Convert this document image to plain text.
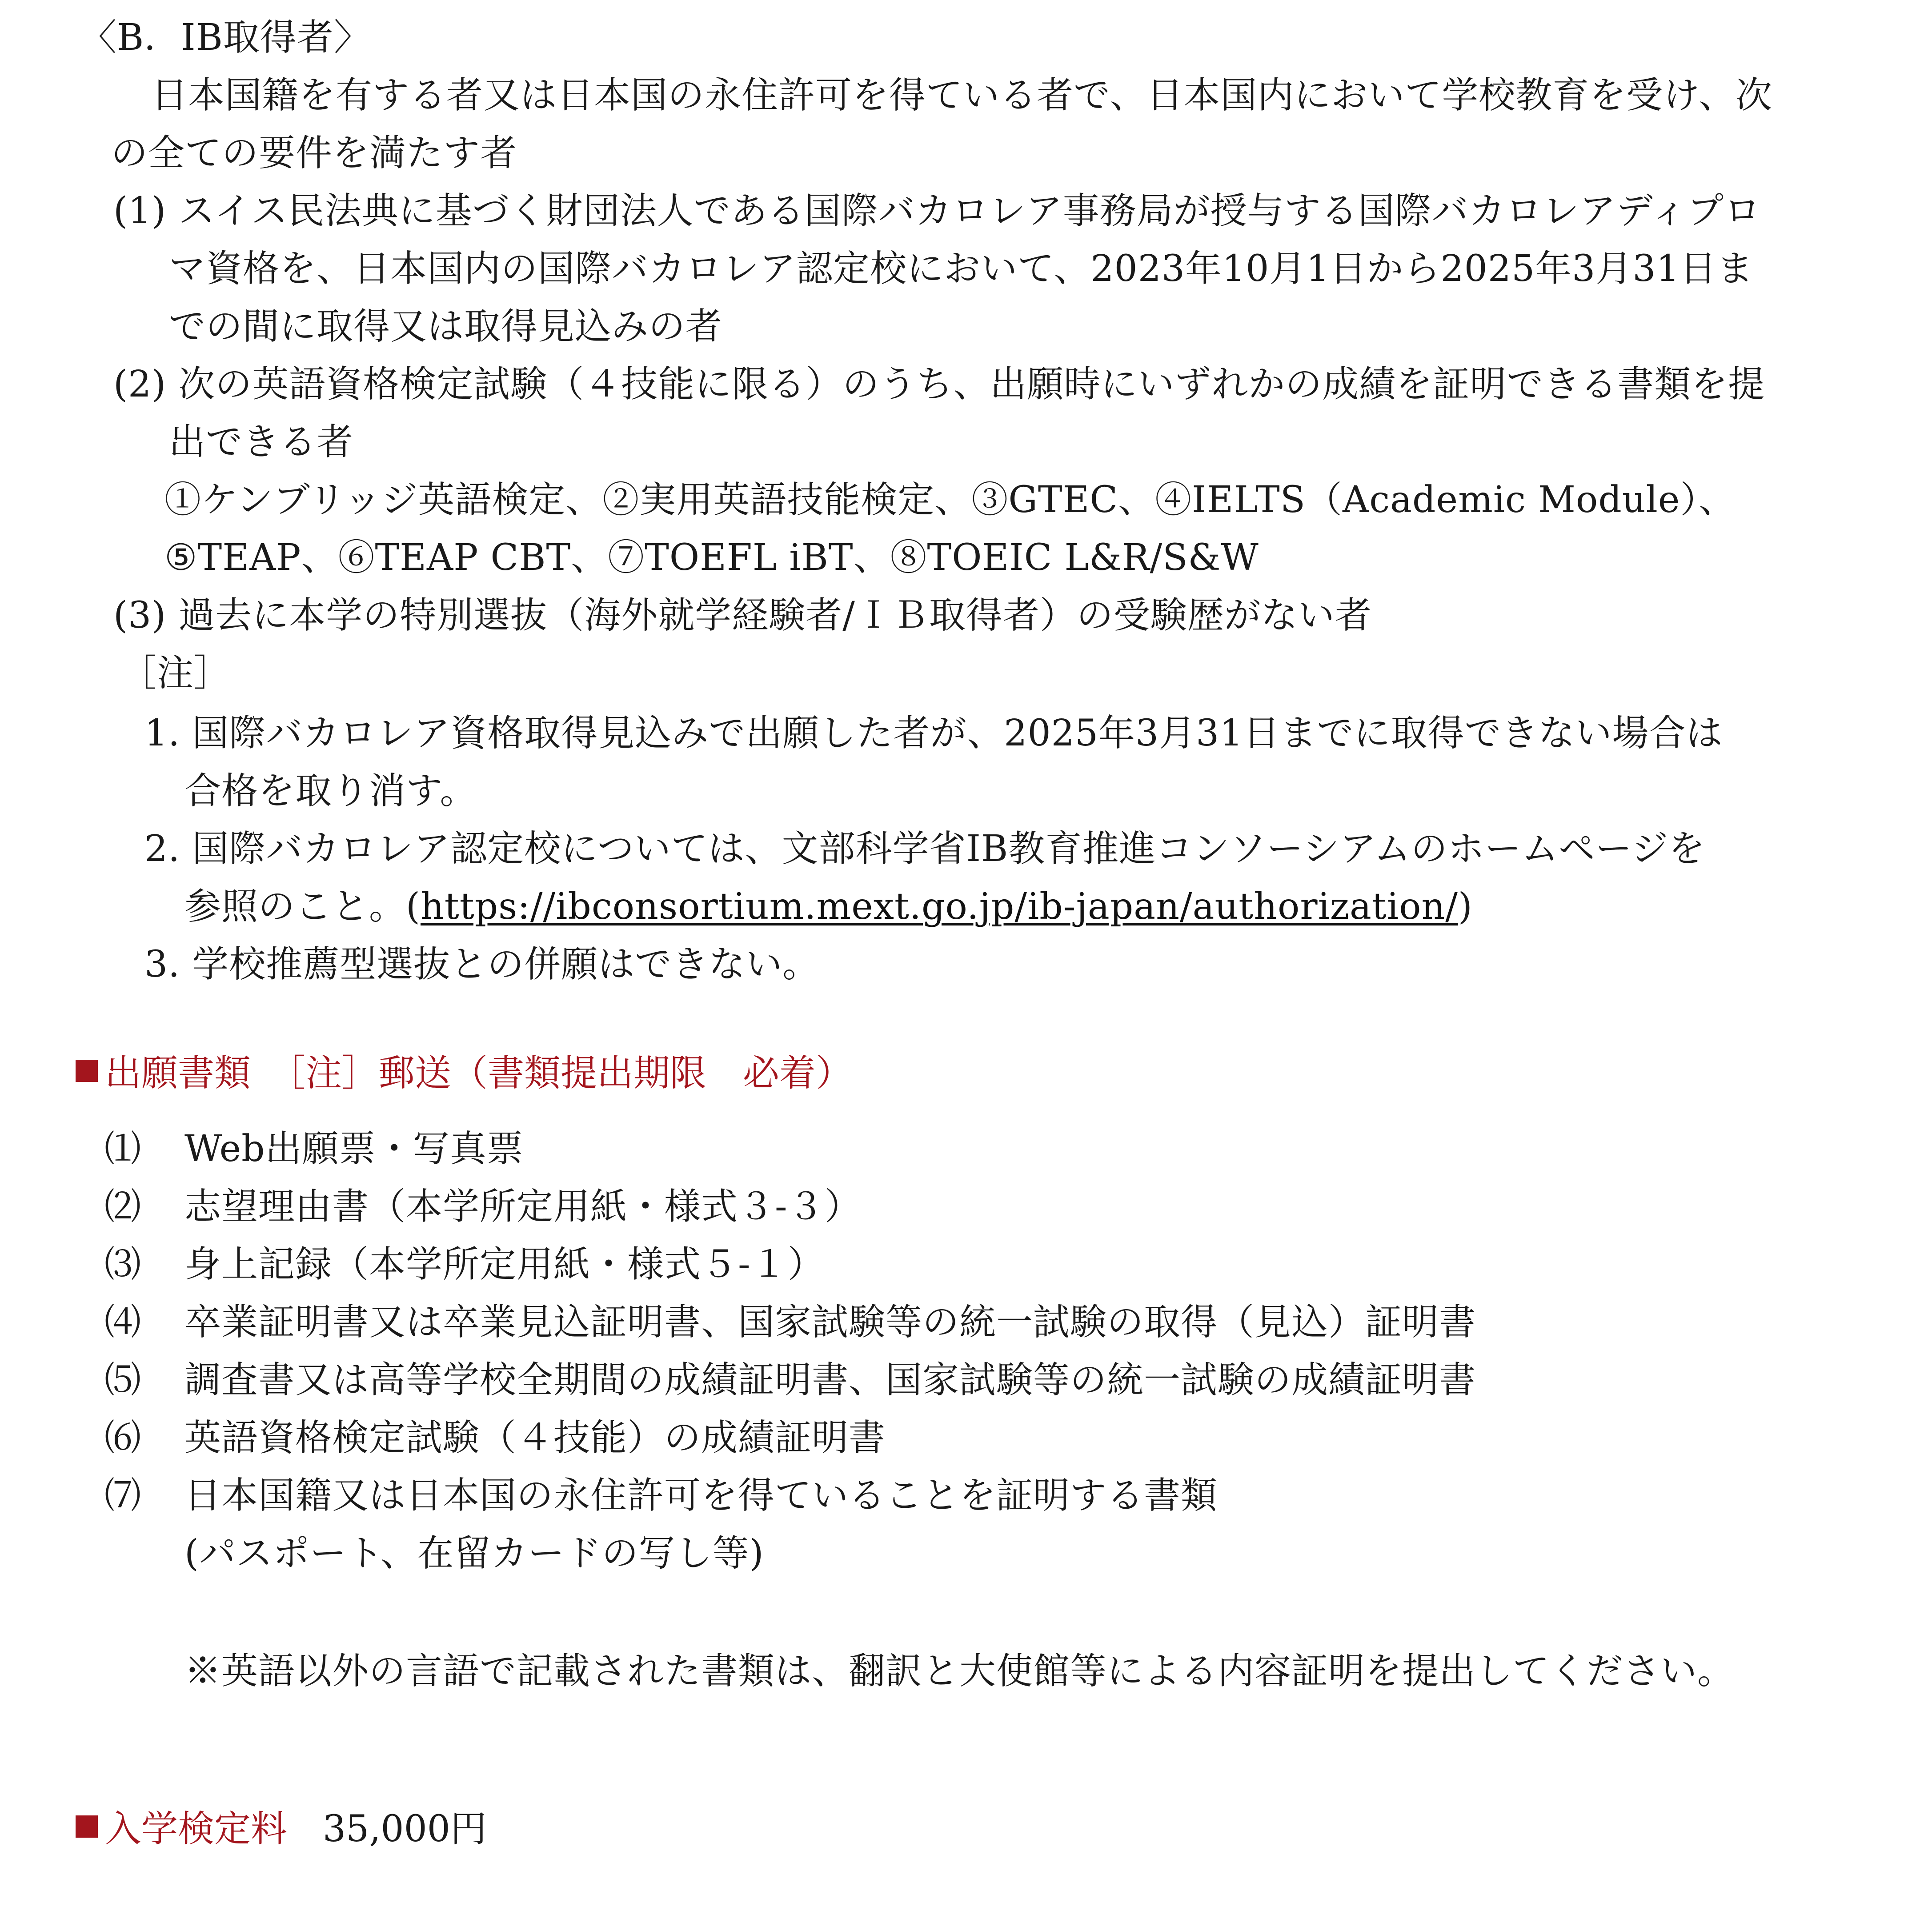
〈B．IB取得者〉
日本国籍を有する者又は日本国の永住許可を得ている者で、日本国内において学校教育を受け、次
の全ての要件を満たす者
(1) スイス民法典に基づく財団法人である国際バカロレア事務局が授与する国際バカロレアディプロ
マ資格を、日本国内の国際バカロレア認定校において、2023年10月1日から2025年3月31日ま
での間に取得又は取得見込みの者
(2) 次の英語資格検定試験（４技能に限る）のうち、出願時にいずれかの成績を証明できる書類を提
出できる者
①ケンブリッジ英語検定、②実用英語技能検定、③GTEC、④IELTS（Academic Module）、
⑤TEAP、⑥TEAP CBT、⑦TOEFL iBT、⑧TOEIC L&R/S&W
(3) 過去に本学の特別選抜（海外就学経験者/ＩＢ取得者）の受験歴がない者
［注］
1. 国際バカロレア資格取得見込みで出願した者が、2025年3月31日までに取得できない場合は
合格を取り消す。
2. 国際バカロレア認定校については、文部科学省IB教育推進コンソーシアムのホームページを
参照のこと。(https://ibconsortium.mext.go.jp/ib-japan/authorization/)
3. 学校推薦型選抜との併願はできない。
出願書類　［注］郵送（書類提出期限　必着）
⑴ Web出願票・写真票
⑵ 志望理由書（本学所定用紙・様式３-３）
⑶ 身上記録（本学所定用紙・様式５-１）
⑷ 卒業証明書又は卒業見込証明書、国家試験等の統一試験の取得（見込）証明書
⑸ 調査書又は高等学校全期間の成績証明書、国家試験等の統一試験の成績証明書
⑹ 英語資格検定試験（４技能）の成績証明書
⑺ 日本国籍又は日本国の永住許可を得ていることを証明する書類
(パスポート、在留カードの写し等)
※英語以外の言語で記載された書類は、翻訳と大使館等による内容証明を提出してください。
入学検定料 35,000円
